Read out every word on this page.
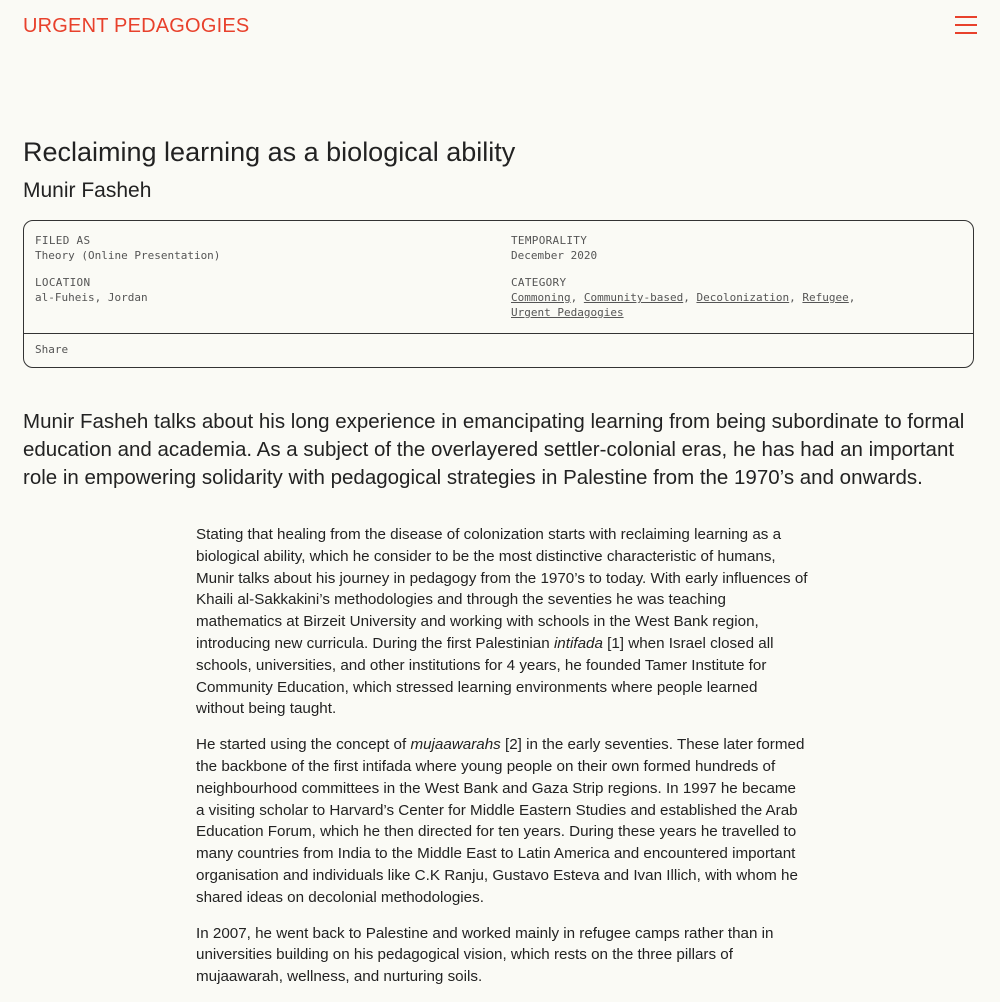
URGENT PEDAGOGIES
Reclaiming learning as a biological ability
Munir Fasheh
FILED AS
Theory (Online Presentation)
LOCATION
al-Fuheis, Jordan
TEMPORALITY
December 2020
CATEGORY
Commoning, Community-based, Decolonization, Refugee,
Urgent Pedagogies
Share

Munir Fasheh talks about his long experience in emancipating learning from being subordinate to formal education and academia. As a subject of the overlayered settler-colonial eras, he has had an important role in empowering solidarity with pedagogical strategies in Palestine from the 1970’s and onwards.

Stating that healing from the disease of colonization starts with reclaiming learning as a biological ability, which he consider to be the most distinctive characteristic of humans, Munir talks about his journey in pedagogy from the 1970’s to today. With early influences of Khaili al-Sakkakini’s methodologies and through the seventies he was teaching mathematics at Birzeit University and working with schools in the West Bank region, introducing new curricula. During the first Palestinian intifada [1] when Israel closed all schools, universities, and other institutions for 4 years, he founded Tamer Institute for Community Education, which stressed learning environments where people learned without being taught.

He started using the concept of mujaawarahs [2] in the early seventies. These later formed the backbone of the first intifada where young people on their own formed hundreds of neighbourhood committees in the West Bank and Gaza Strip regions. In 1997 he became a visiting scholar to Harvard’s Center for Middle Eastern Studies and established the Arab Education Forum, which he then directed for ten years. During these years he travelled to many countries from India to the Middle East to Latin America and encountered important organisation and individuals like C.K Ranju, Gustavo Esteva and Ivan Illich, with whom he shared ideas on decolonial methodologies.

In 2007, he went back to Palestine and worked mainly in refugee camps rather than in universities building on his pedagogical vision, which rests on the three pillars of mujaawarah, wellness, and nurturing soils.
